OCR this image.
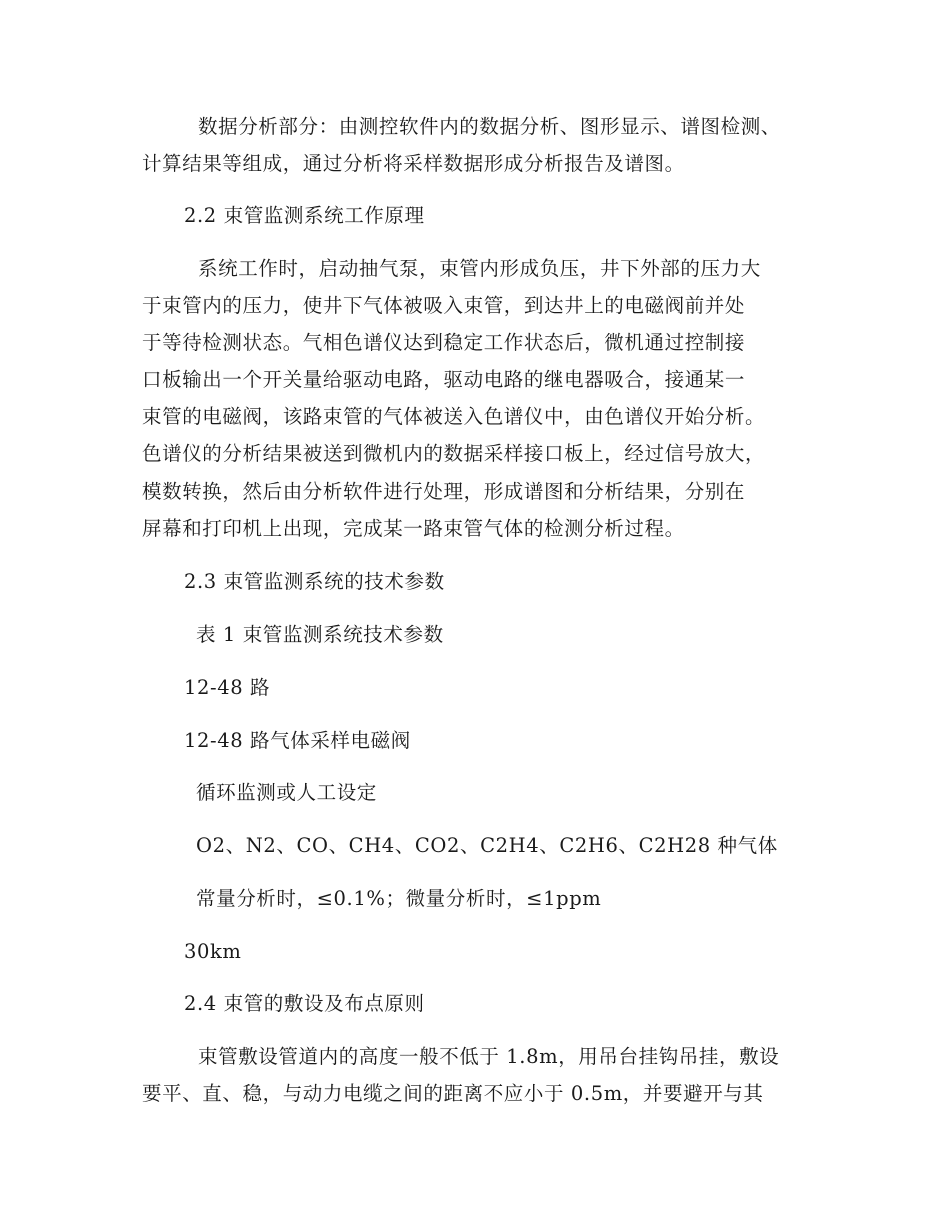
数据分析部分：由测控软件内的数据分析、图形显示、谱图检测、
计算结果等组成，通过分析将采样数据形成分析报告及谱图。
2.2 束管监测系统工作原理
系统工作时，启动抽气泵，束管内形成负压，井下外部的压力大
于束管内的压力，使井下气体被吸入束管，到达井上的电磁阀前并处
于等待检测状态。气相色谱仪达到稳定工作状态后，微机通过控制接
口板输出一个开关量给驱动电路，驱动电路的继电器吸合，接通某一
束管的电磁阀，该路束管的气体被送入色谱仪中，由色谱仪开始分析。
色谱仪的分析结果被送到微机内的数据采样接口板上，经过信号放大，
模数转换，然后由分析软件进行处理，形成谱图和分析结果，分别在
屏幕和打印机上出现，完成某一路束管气体的检测分析过程。
2.3 束管监测系统的技术参数
表 1 束管监测系统技术参数
12-48 路
12-48 路气体采样电磁阀
循环监测或人工设定
O2、N2、CO、CH4、CO2、C2H4、C2H6、C2H28 种气体
常量分析时，≤0.1%；微量分析时，≤1ppm
30km
2.4 束管的敷设及布点原则
束管敷设管道内的高度一般不低于 1.8m，用吊台挂钩吊挂，敷设
要平、直、稳，与动力电缆之间的距离不应小于 0.5m，并要避开与其
